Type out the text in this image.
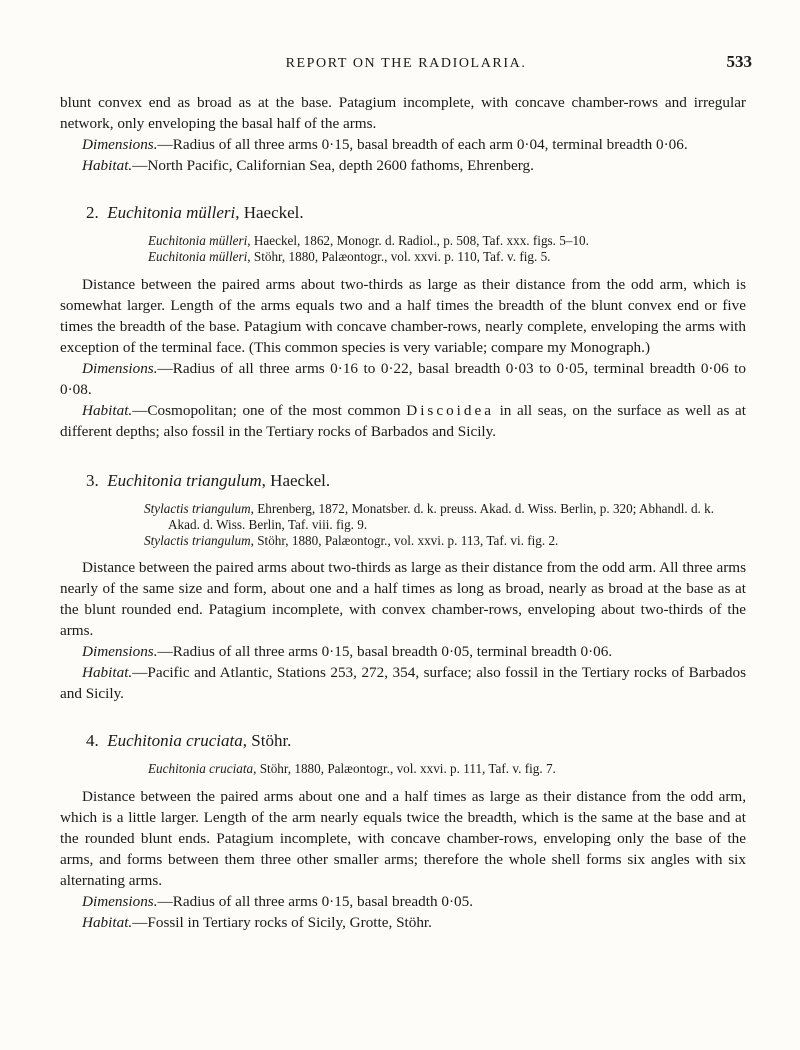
REPORT ON THE RADIOLARIA.	533

blunt convex end as broad as at the base. Patagium incomplete, with concave chamber-rows and irregular network, only enveloping the basal half of the arms.

Dimensions.—Radius of all three arms 0·15, basal breadth of each arm 0·04, terminal breadth 0·06.

Habitat.—North Pacific, Californian Sea, depth 2600 fathoms, Ehrenberg.

2. Euchitonia mülleri, Haeckel.

Euchitonia mülleri, Haeckel, 1862, Monogr. d. Radiol., p. 508, Taf. xxx. figs. 5–10.
Euchitonia mülleri, Stöhr, 1880, Palæontogr., vol. xxvi. p. 110, Taf. v. fig. 5.

Distance between the paired arms about two-thirds as large as their distance from the odd arm, which is somewhat larger. Length of the arms equals two and a half times the breadth of the blunt convex end or five times the breadth of the base. Patagium with concave chamber-rows, nearly complete, enveloping the arms with exception of the terminal face. (This common species is very variable; compare my Monograph.)

Dimensions.—Radius of all three arms 0·16 to 0·22, basal breadth 0·03 to 0·05, terminal breadth 0·06 to 0·08.

Habitat.—Cosmopolitan; one of the most common Discoidea in all seas, on the surface as well as at different depths; also fossil in the Tertiary rocks of Barbados and Sicily.

3. Euchitonia triangulum, Haeckel.

Stylactis triangulum, Ehrenberg, 1872, Monatsber. d. k. preuss. Akad. d. Wiss. Berlin, p. 320; Abhandl. d. k. Akad. d. Wiss. Berlin, Taf. viii. fig. 9.
Stylactis triangulum, Stöhr, 1880, Palæontogr., vol. xxvi. p. 113, Taf. vi. fig. 2.

Distance between the paired arms about two-thirds as large as their distance from the odd arm. All three arms nearly of the same size and form, about one and a half times as long as broad, nearly as broad at the base as at the blunt rounded end. Patagium incomplete, with convex chamber-rows, enveloping about two-thirds of the arms.

Dimensions.—Radius of all three arms 0·15, basal breadth 0·05, terminal breadth 0·06.

Habitat.—Pacific and Atlantic, Stations 253, 272, 354, surface; also fossil in the Tertiary rocks of Barbados and Sicily.

4. Euchitonia cruciata, Stöhr.

Euchitonia cruciata, Stöhr, 1880, Palæontogr., vol. xxvi. p. 111, Taf. v. fig. 7.

Distance between the paired arms about one and a half times as large as their distance from the odd arm, which is a little larger. Length of the arm nearly equals twice the breadth, which is the same at the base and at the rounded blunt ends. Patagium incomplete, with concave chamber-rows, enveloping only the base of the arms, and forms between them three other smaller arms; therefore the whole shell forms six angles with six alternating arms.

Dimensions.—Radius of all three arms 0·15, basal breadth 0·05.

Habitat.—Fossil in Tertiary rocks of Sicily, Grotte, Stöhr.
